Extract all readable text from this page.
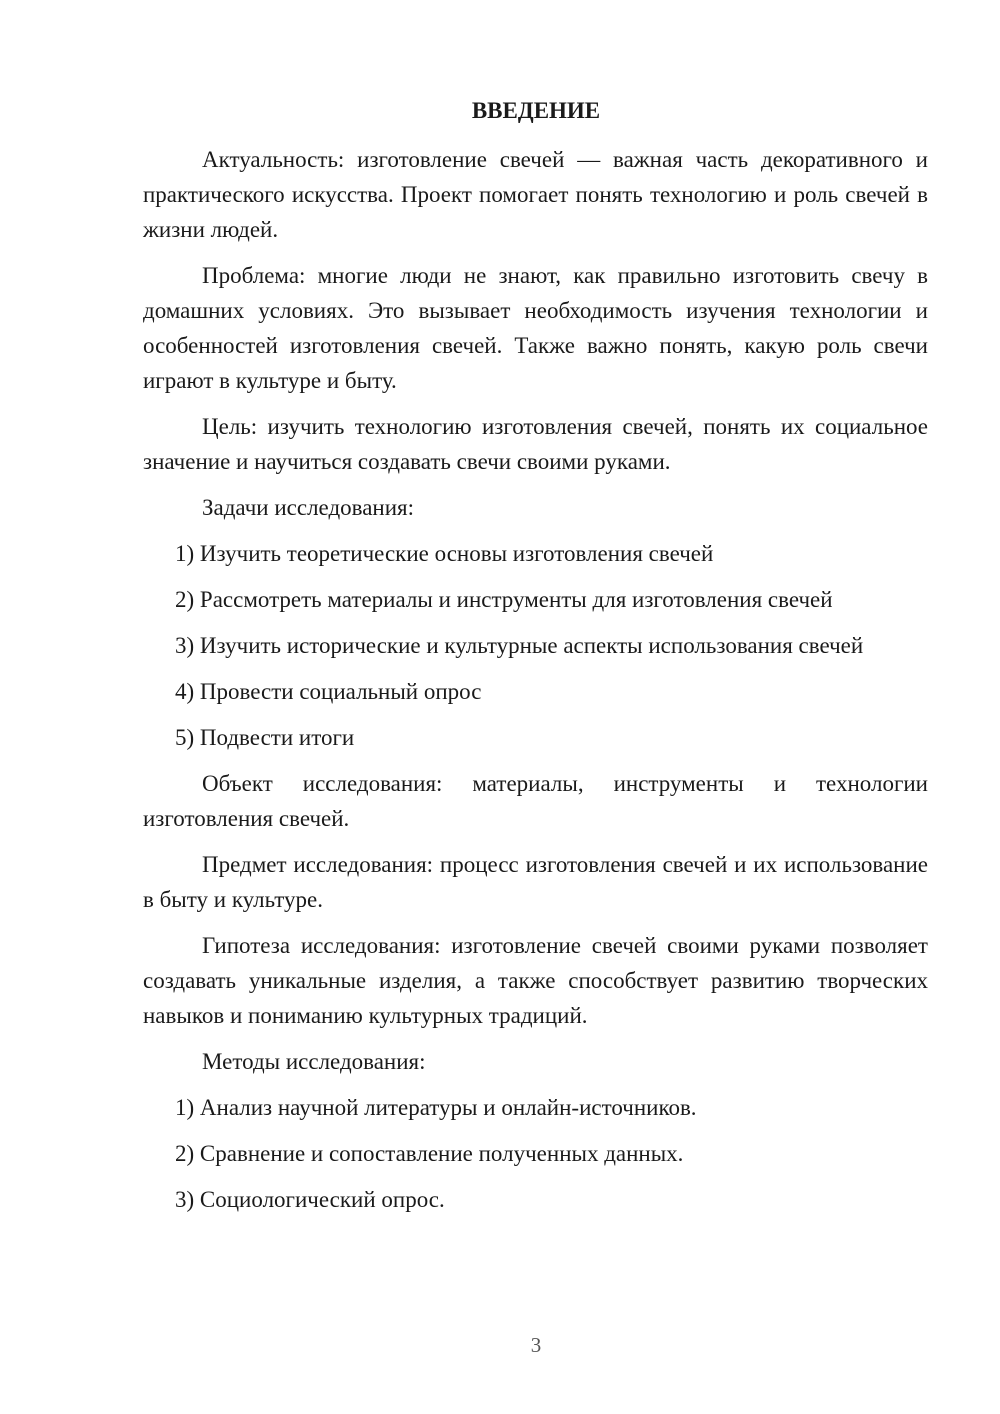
ВВЕДЕНИЕ

Актуальность: изготовление свечей — важная часть декоративного и практического искусства. Проект помогает понять технологию и роль свечей в жизни людей.

Проблема: многие люди не знают, как правильно изготовить свечу в домашних условиях. Это вызывает необходимость изучения технологии и особенностей изготовления свечей. Также важно понять, какую роль свечи играют в культуре и быту.

Цель: изучить технологию изготовления свечей, понять их социальное значение и научиться создавать свечи своими руками.

Задачи исследования:

1) Изучить теоретические основы изготовления свечей
2) Рассмотреть материалы и инструменты для изготовления свечей
3) Изучить исторические и культурные аспекты использования свечей
4) Провести социальный опрос
5) Подвести итоги

Объект исследования: материалы, инструменты и технологии изготовления свечей.

Предмет исследования: процесс изготовления свечей и их использование в быту и культуре.

Гипотеза исследования: изготовление свечей своими руками позволяет создавать уникальные изделия, а также способствует развитию творческих навыков и пониманию культурных традиций.

Методы исследования:

1) Анализ научной литературы и онлайн-источников.
2) Сравнение и сопоставление полученных данных.
3) Социологический опрос.
3
